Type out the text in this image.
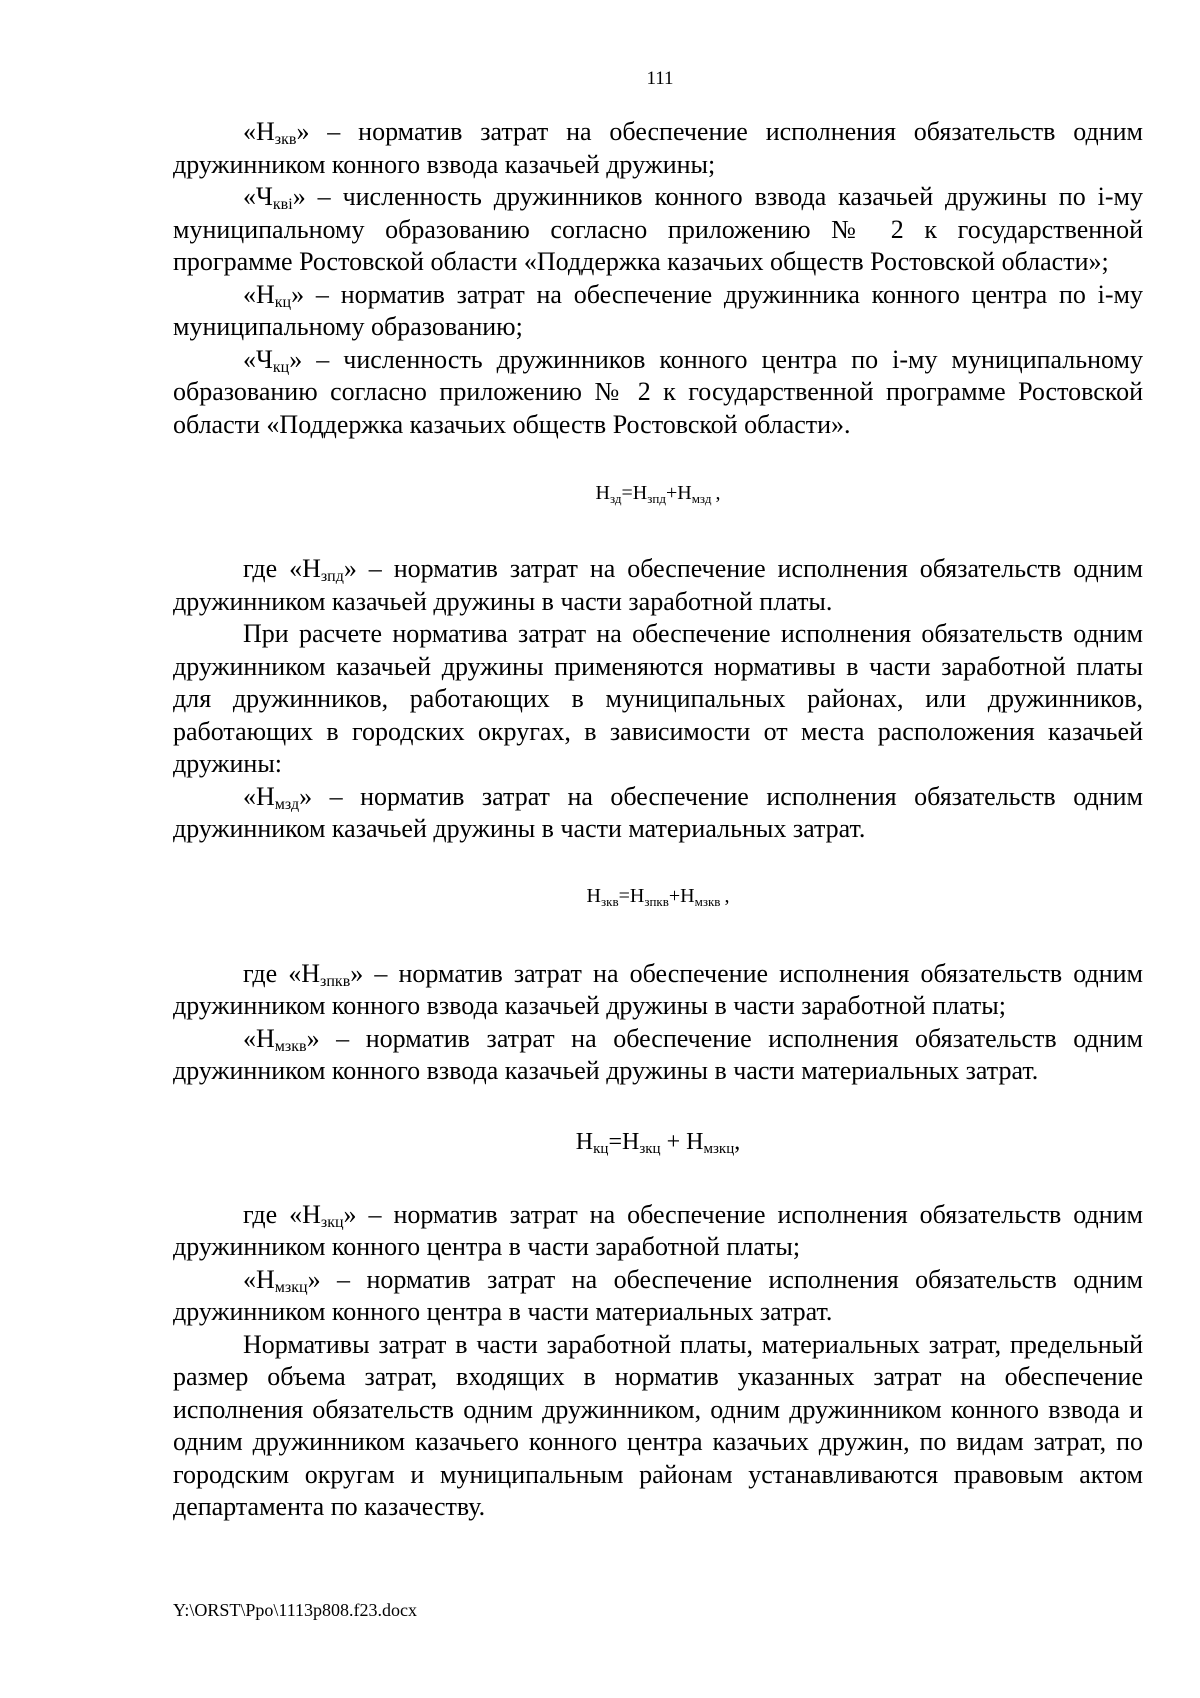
111

«$Н_{зкв}$» – норматив затрат на обеспечение исполнения обязательств одним дружинником конного взвода казачьей дружины;

«$Ч_{квi}$» – численность дружинников конного взвода казачьей дружины по i-му муниципальному образованию согласно приложению № 2 к государственной программе Ростовской области «Поддержка казачьих обществ Ростовской области»;

«$Н_{кц}$» – норматив затрат на обеспечение дружинника конного центра по i-му муниципальному образованию;

«$Ч_{кц}$» – численность дружинников конного центра по i-му муниципальному образованию согласно приложению № 2 к государственной программе Ростовской области «Поддержка казачьих обществ Ростовской области».

$Н_{зд}=Н_{зпд}+Н_{мзд}$ ,

где «$Н_{зпд}$» – норматив затрат на обеспечение исполнения обязательств одним дружинником казачьей дружины в части заработной платы.

При расчете норматива затрат на обеспечение исполнения обязательств одним дружинником казачьей дружины применяются нормативы в части заработной платы для дружинников, работающих в муниципальных районах, или дружинников, работающих в городских округах, в зависимости от места расположения казачьей дружины:

«$Н_{мзд}$» – норматив затрат на обеспечение исполнения обязательств одним дружинником казачьей дружины в части материальных затрат.

$Н_{зкв}=Н_{зпкв}+Н_{мзкв}$ ,

где «$Н_{зпкв}$» – норматив затрат на обеспечение исполнения обязательств одним дружинником конного взвода казачьей дружины в части заработной платы;

«$Н_{мзкв}$» – норматив затрат на обеспечение исполнения обязательств одним дружинником конного взвода казачьей дружины в части материальных затрат.

$Н_{кц}=Н_{зкц} + Н_{мзкц}$,

где «$Н_{зкц}$» – норматив затрат на обеспечение исполнения обязательств одним дружинником конного центра в части заработной платы;

«$Н_{мзкц}$» – норматив затрат на обеспечение исполнения обязательств одним дружинником конного центра в части материальных затрат.

Нормативы затрат в части заработной платы, материальных затрат, предельный размер объема затрат, входящих в норматив указанных затрат на обеспечение исполнения обязательств одним дружинником, одним дружинником конного взвода и одним дружинником казачьего конного центра казачьих дружин, по видам затрат, по городским округам и муниципальным районам устанавливаются правовым актом департамента по казачеству.

Y:\ORST\Ppo\1113p808.f23.docx
